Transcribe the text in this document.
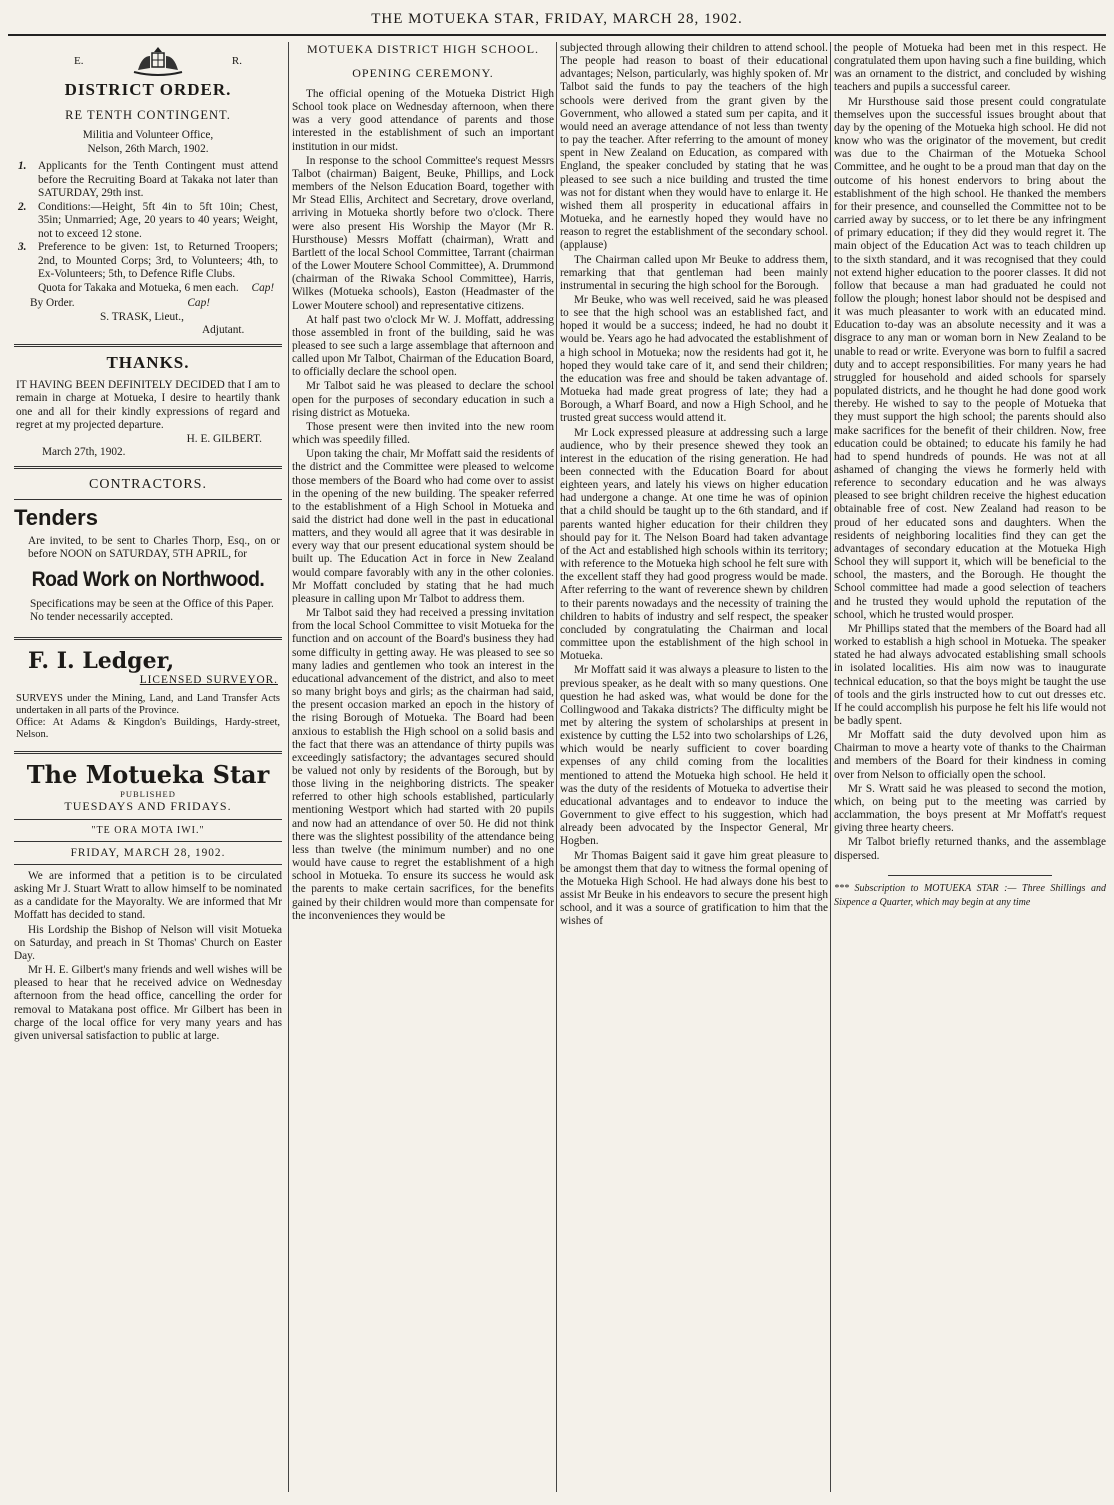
THE MOTUEKA STAR, FRIDAY, MARCH 28, 1902.
E.	R.
DISTRICT ORDER.
RE TENTH CONTINGENT.
Militia and Volunteer Office,
Nelson, 26th March, 1902.
1.	Applicants for the Tenth Contingent must attend before the Recruiting Board at Takaka not later than SATURDAY, 29th inst.
2.	Conditions:—Height, 5ft 4in to 5ft 10in; Chest, 35in; Unmarried; Age, 20 years to 40 years; Weight, not to exceed 12 stone.
3.	Preference to be given: 1st, to Returned Troopers; 2nd, to Mounted Corps; 3rd, to Volunteers; 4th, to Ex-Volunteers; 5th, to Defence Rifle Clubs.
Quota for Takaka and Motueka, 6 men each. Cap!
By Order.	Cap!
S. TRASK, Lieut.,
Adjutant.
THANKS.
IT HAVING BEEN DEFINITELY DECIDED that I am to remain in charge at Motueka, I desire to heartily thank one and all for their kindly expressions of regard and regret at my projected departure.
H. E. GILBERT.
March 27th, 1902.
CONTRACTORS.
Tenders
Are invited, to be sent to Charles Thorp, Esq., on or before NOON on SATURDAY, 5TH APRIL, for
Road Work on Northwood.
Specifications may be seen at the Office of this Paper.
No tender necessarily accepted.
F. I. Ledger,
LICENSED SURVEYOR.
SURVEYS under the Mining, Land, and Land Transfer Acts undertaken in all parts of the Province.
Office: At Adams & Kingdon's Buildings, Hardy-street, Nelson.
The Motueka Star
PUBLISHED
TUESDAYS AND FRIDAYS.
"TE ORA MOTA IWI."
FRIDAY, MARCH 28, 1902.

We are informed that a petition is to be circulated asking Mr J. Stuart Wratt to allow himself to be nominated as a candidate for the Mayoralty. We are informed that Mr Moffatt has decided to stand.

His Lordship the Bishop of Nelson will visit Motueka on Saturday, and preach in St Thomas' Church on Easter Day.

Mr H. E. Gilbert's many friends and well wishes will be pleased to hear that he received advice on Wednesday afternoon from the head office, cancelling the order for removal to Matakana post office. Mr Gilbert has been in charge of the local office for very many years and has given universal satisfaction to public at large.

MOTUEKA DISTRICT HIGH SCHOOL.
OPENING CEREMONY.

The official opening of the Motueka District High School took place on Wednesday afternoon, when there was a very good attendance of parents and those interested in the establishment of such an important institution in our midst.

In response to the school Committee's request Messrs Talbot (chairman) Baigent, Beuke, Phillips, and Lock members of the Nelson Education Board, together with Mr Stead Ellis, Architect and Secretary, drove overland, arriving in Motueka shortly before two o'clock. There were also present His Worship the Mayor (Mr R. Hursthouse) Messrs Moffatt (chairman), Wratt and Bartlett of the local School Committee, Tarrant (chairman of the Lower Moutere School Committee), A. Drummond (chairman of the Riwaka School Committee), Harris, Wilkes (Motueka schools), Easton (Headmaster of the Lower Moutere school) and representative citizens.

At half past two o'clock Mr W. J. Moffatt, addressing those assembled in front of the building, said he was pleased to see such a large assemblage that afternoon and called upon Mr Talbot, Chairman of the Education Board, to officially declare the school open.

Mr Talbot said he was pleased to declare the school open for the purposes of secondary education in such a rising district as Motueka.

Those present were then invited into the new room which was speedily filled.

Upon taking the chair, Mr Moffatt said the residents of the district and the Committee were pleased to welcome those members of the Board who had come over to assist in the opening of the new building. The speaker referred to the establishment of a High School in Motueka and said the district had done well in the past in educational matters, and they would all agree that it was desirable in every way that our present educational system should be built up. The Education Act in force in New Zealand would compare favorably with any in the other colonies. Mr Moffatt concluded by stating that he had much pleasure in calling upon Mr Talbot to address them.

Mr Talbot said they had received a pressing invitation from the local School Committee to visit Motueka for the function and on account of the Board's business they had some difficulty in getting away. He was pleased to see so many ladies and gentlemen who took an interest in the educational advancement of the district, and also to meet so many bright boys and girls; as the chairman had said, the present occasion marked an epoch in the history of the rising Borough of Motueka. The Board had been anxious to establish the High school on a solid basis and the fact that there was an attendance of thirty pupils was exceedingly satisfactory; the advantages secured should be valued not only by residents of the Borough, but by those living in the neighboring districts. The speaker referred to other high schools established, particularly mentioning Westport which had started with 20 pupils and now had an attendance of over 50. He did not think there was the slightest possibility of the attendance being less than twelve (the minimum number) and no one would have cause to regret the establishment of a high school in Motueka. To ensure its success he would ask the parents to make certain sacrifices, for the benefits gained by their children would more than compensate for the inconveniences they would be

subjected through allowing their children to attend school. The people had reason to boast of their educational advantages; Nelson, particularly, was highly spoken of. Mr Talbot said the funds to pay the teachers of the high schools were derived from the grant given by the Government, who allowed a stated sum per capita, and it would need an average attendance of not less than twenty to pay the teacher. After referring to the amount of money spent in New Zealand on Education, as compared with England, the speaker concluded by stating that he was pleased to see such a nice building and trusted the time was not for distant when they would have to enlarge it. He wished them all prosperity in educational affairs in Motueka, and he earnestly hoped they would have no reason to regret the establishment of the secondary school. (applause)

The Chairman called upon Mr Beuke to address them, remarking that that gentleman had been mainly instrumental in securing the high school for the Borough.

Mr Beuke, who was well received, said he was pleased to see that the high school was an established fact, and hoped it would be a success; indeed, he had no doubt it would be. Years ago he had advocated the establishment of a high school in Motueka; now the residents had got it, he hoped they would take care of it, and send their children; the education was free and should be taken advantage of. Motueka had made great progress of late; they had a Borough, a Wharf Board, and now a High School, and he trusted great success would attend it.

Mr Lock expressed pleasure at addressing such a large audience, who by their presence shewed they took an interest in the education of the rising generation. He had been connected with the Education Board for about eighteen years, and lately his views on higher education had undergone a change. At one time he was of opinion that a child should be taught up to the 6th standard, and if parents wanted higher education for their children they should pay for it. The Nelson Board had taken advantage of the Act and established high schools within its territory; with reference to the Motueka high school he felt sure with the excellent staff they had good progress would be made. After referring to the want of reverence shewn by children to their parents nowadays and the necessity of training the children to habits of industry and self respect, the speaker concluded by congratulating the Chairman and local committee upon the establishment of the high school in Motueka.

Mr Moffatt said it was always a pleasure to listen to the previous speaker, as he dealt with so many questions. One question he had asked was, what would be done for the Collingwood and Takaka districts? The difficulty might be met by altering the system of scholarships at present in existence by cutting the L52 into two scholarships of L26, which would be nearly sufficient to cover boarding expenses of any child coming from the localities mentioned to attend the Motueka high school. He held it was the duty of the residents of Motueka to advertise their educational advantages and to endeavor to induce the Government to give effect to his suggestion, which had already been advocated by the Inspector General, Mr Hogben.

Mr Thomas Baigent said it gave him great pleasure to be amongst them that day to witness the formal opening of the Motueka High School. He had always done his best to assist Mr Beuke in his endeavors to secure the present high school, and it was a source of gratification to him that the wishes of

the people of Motueka had been met in this respect. He congratulated them upon having such a fine building, which was an ornament to the district, and concluded by wishing teachers and pupils a successful career.

Mr Hursthouse said those present could congratulate themselves upon the successful issues brought about that day by the opening of the Motueka high school. He did not know who was the originator of the movement, but credit was due to the Chairman of the Motueka School Committee, and he ought to be a proud man that day on the outcome of his honest endervors to bring about the establishment of the high school. He thanked the members for their presence, and counselled the Committee not to be carried away by success, or to let there be any infringment of primary education; if they did they would regret it. The main object of the Education Act was to teach children up to the sixth standard, and it was recognised that they could not extend higher education to the poorer classes. It did not follow that because a man had graduated he could not follow the plough; honest labor should not be despised and it was much pleasanter to work with an educated mind. Education to-day was an absolute necessity and it was a disgrace to any man or woman born in New Zealand to be unable to read or write. Everyone was born to fulfil a sacred duty and to accept responsibilities. For many years he had struggled for household and aided schools for sparsely populated districts, and he thought he had done good work thereby. He wished to say to the people of Motueka that they must support the high school; the parents should also make sacrifices for the benefit of their children. Now, free education could be obtained; to educate his family he had had to spend hundreds of pounds. He was not at all ashamed of changing the views he formerly held with reference to secondary education and he was always pleased to see bright children receive the highest education obtainable free of cost. New Zealand had reason to be proud of her educated sons and daughters. When the residents of neighboring localities find they can get the advantages of secondary education at the Motueka High School they will support it, which will be beneficial to the school, the masters, and the Borough. He thought the School committee had made a good selection of teachers and he trusted they would uphold the reputation of the school, which he trusted would prosper.

Mr Phillips stated that the members of the Board had all worked to establish a high school in Motueka. The speaker stated he had always advocated establishing small schools in isolated localities. His aim now was to inaugurate technical education, so that the boys might be taught the use of tools and the girls instructed how to cut out dresses etc. If he could accomplish his purpose he felt his life would not be badly spent.

Mr Moffatt said the duty devolved upon him as Chairman to move a hearty vote of thanks to the Chairman and members of the Board for their kindness in coming over from Nelson to officially open the school.

Mr S. Wratt said he was pleased to second the motion, which, on being put to the meeting was carried by acclammation, the boys present at Mr Moffatt's request giving three hearty cheers.

Mr Talbot briefly returned thanks, and the assemblage dispersed.

*** Subscription to MOTUEKA STAR :— Three Shillings and Sixpence a Quarter, which may begin at any time
